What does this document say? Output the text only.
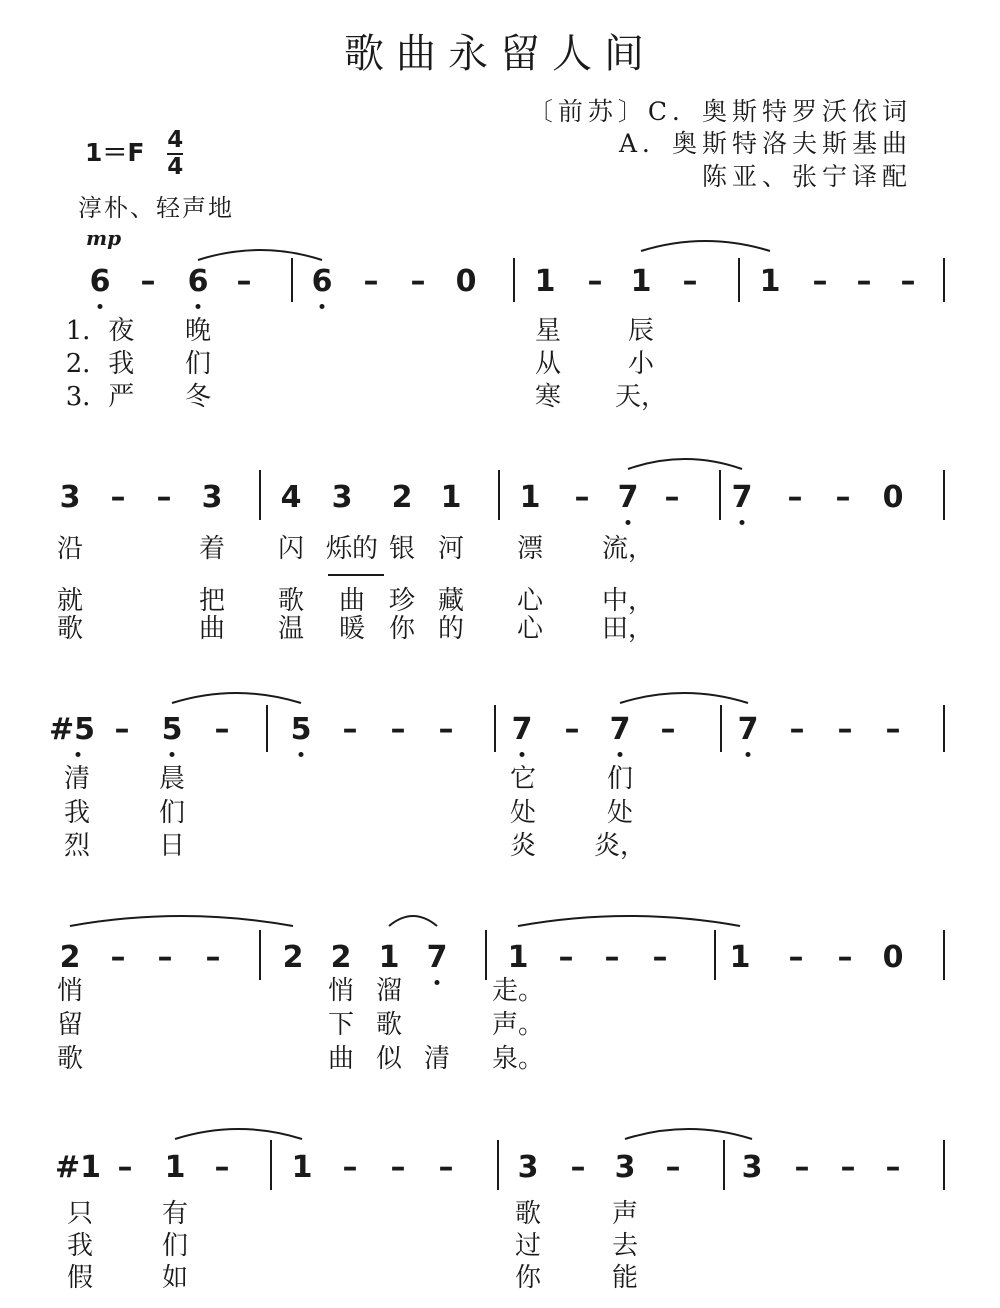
歌曲永留人间
〔前苏〕C．奥斯特罗沃依词
A．奥斯特洛夫斯基曲
陈亚、张宁译配
$1=F \frac{4}{4}$
淳朴、轻声地
mp
6 – 6 – 6 – – 0 1 – 1 – 1 – – –
1．夜 晚	星	辰
2．我 们	从	小
3．严 冬	寒 天，
3 – – 3 4 3 2 1 1 – 7 – 7 – – 0
沿	着 闪 烁的 银 河 漂 流，
就	把 歌 曲 珍 藏 心 中，
歌	曲 温 暖 你 的 心 田，
#5 – 5 – 5 – – – 7 – 7 – 7 – – –
清	晨	它	们
我	们	处	处
烈	日	炎 炎，
2 – – – 2 2 1 7 1 – – – 1 – – 0
悄	悄 溜	走。
留	下 歌	声。
歌	曲 似 清 泉。
#1 – 1 – 1 – – – 3 – 3 – 3 – – –
只	有	歌	声
我	们	过	去
假	如	你	能
